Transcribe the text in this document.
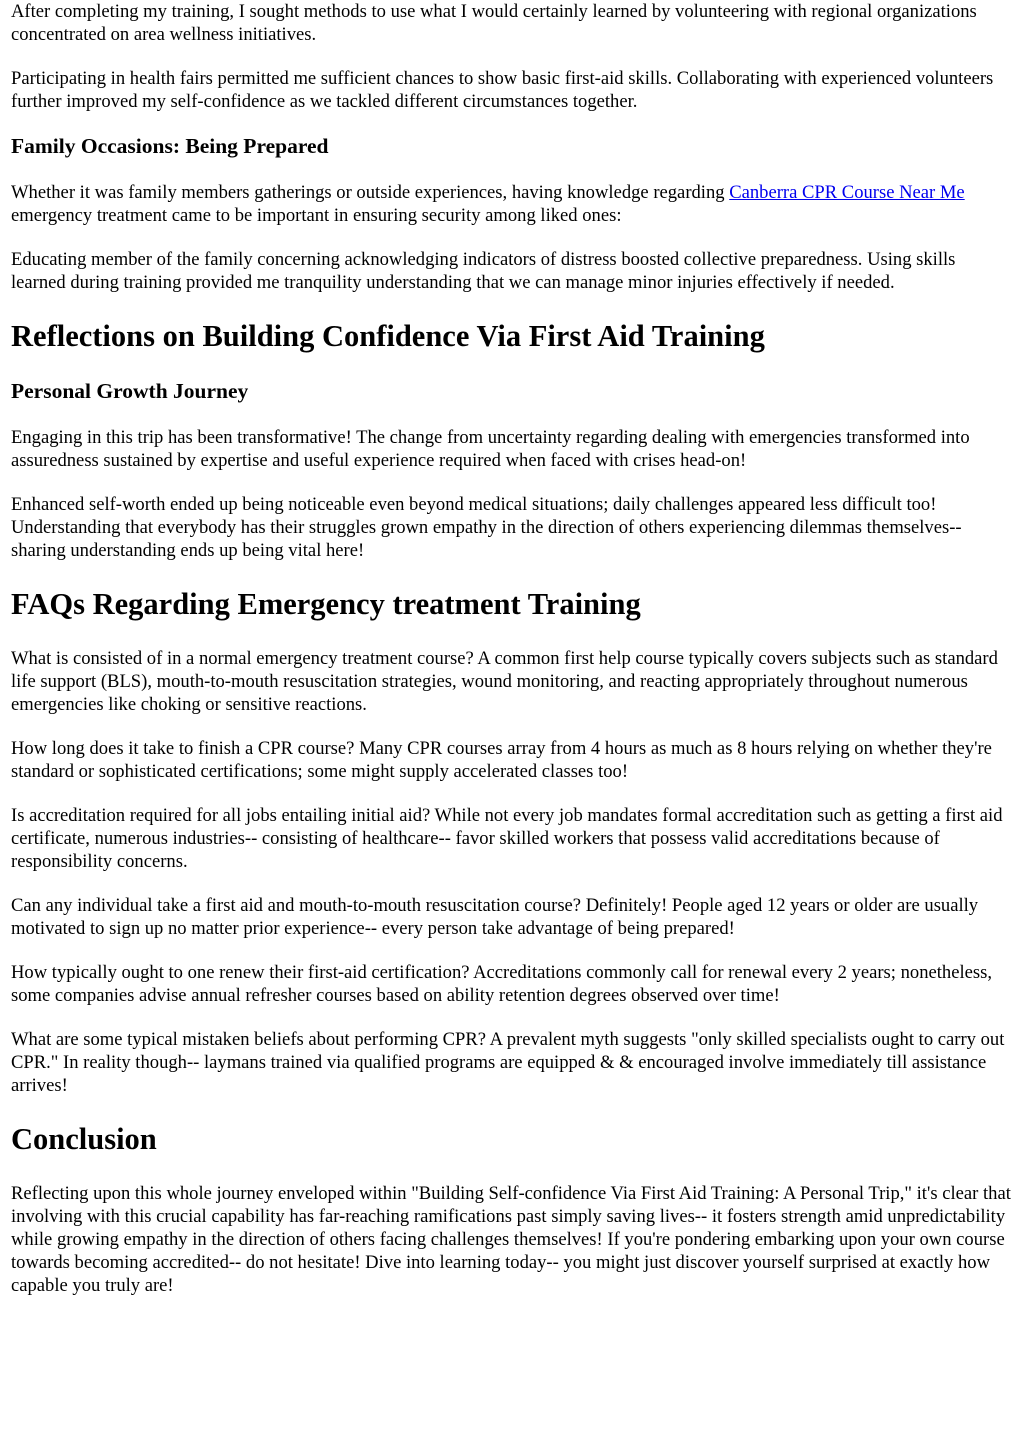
After completing my training, I sought methods to use what I would certainly learned by volunteering with regional organizations concentrated on area wellness initiatives.

Participating in health fairs permitted me sufficient chances to show basic first-aid skills. Collaborating with experienced volunteers further improved my self-confidence as we tackled different circumstances together.

Family Occasions: Being Prepared

Whether it was family members gatherings or outside experiences, having knowledge regarding Canberra CPR Course Near Me emergency treatment came to be important in ensuring security among liked ones:

Educating member of the family concerning acknowledging indicators of distress boosted collective preparedness. Using skills learned during training provided me tranquility understanding that we can manage minor injuries effectively if needed.

Reflections on Building Confidence Via First Aid Training
Personal Growth Journey

Engaging in this trip has been transformative! The change from uncertainty regarding dealing with emergencies transformed into assuredness sustained by expertise and useful experience required when faced with crises head-on!

Enhanced self-worth ended up being noticeable even beyond medical situations; daily challenges appeared less difficult too! Understanding that everybody has their struggles grown empathy in the direction of others experiencing dilemmas themselves-- sharing understanding ends up being vital here!

FAQs Regarding Emergency treatment Training

What is consisted of in a normal emergency treatment course? A common first help course typically covers subjects such as standard life support (BLS), mouth-to-mouth resuscitation strategies, wound monitoring, and reacting appropriately throughout numerous emergencies like choking or sensitive reactions.

How long does it take to finish a CPR course? Many CPR courses array from 4 hours as much as 8 hours relying on whether they're standard or sophisticated certifications; some might supply accelerated classes too!

Is accreditation required for all jobs entailing initial aid? While not every job mandates formal accreditation such as getting a first aid certificate, numerous industries-- consisting of healthcare-- favor skilled workers that possess valid accreditations because of responsibility concerns.

Can any individual take a first aid and mouth-to-mouth resuscitation course? Definitely! People aged 12 years or older are usually motivated to sign up no matter prior experience-- every person take advantage of being prepared!

How typically ought to one renew their first-aid certification? Accreditations commonly call for renewal every 2 years; nonetheless, some companies advise annual refresher courses based on ability retention degrees observed over time!

What are some typical mistaken beliefs about performing CPR? A prevalent myth suggests "only skilled specialists ought to carry out CPR." In reality though-- laymans trained via qualified programs are equipped & & encouraged involve immediately till assistance arrives!

Conclusion

Reflecting upon this whole journey enveloped within "Building Self-confidence Via First Aid Training: A Personal Trip," it's clear that involving with this crucial capability has far-reaching ramifications past simply saving lives-- it fosters strength amid unpredictability while growing empathy in the direction of others facing challenges themselves! If you're pondering embarking upon your own course towards becoming accredited-- do not hesitate! Dive into learning today-- you might just discover yourself surprised at exactly how capable you truly are!
